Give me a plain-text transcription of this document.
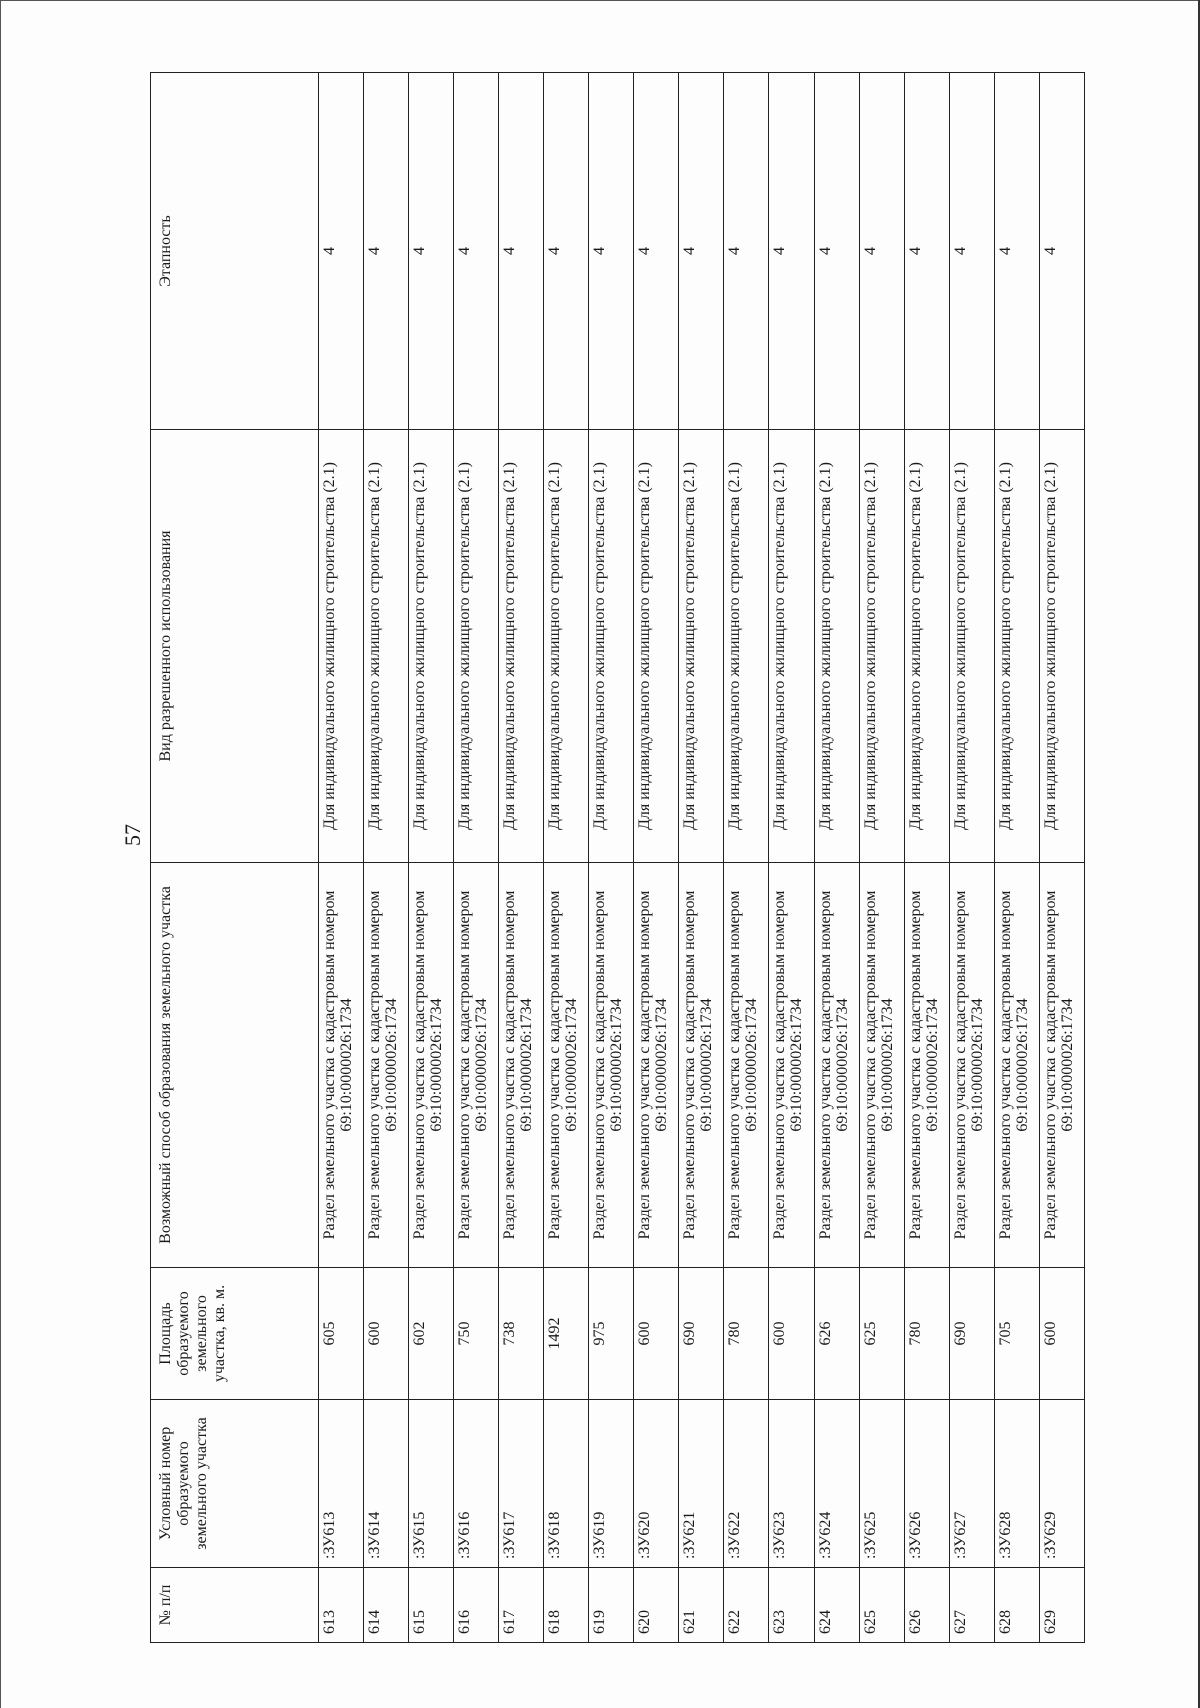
57
№ п/п	Условный номер образуемого земельного участка	Площадь образуемого земельного участка, кв. м.	Возможный способ образования земельного участка	Вид разрешенного использования	Этапность
613	:ЗУ613	605	Раздел земельного участка с кадастровым номером 69:10:0000026:1734	Для индивидуального жилищного строительства (2.1)	4
614	:ЗУ614	600	Раздел земельного участка с кадастровым номером 69:10:0000026:1734	Для индивидуального жилищного строительства (2.1)	4
615	:ЗУ615	602	Раздел земельного участка с кадастровым номером 69:10:0000026:1734	Для индивидуального жилищного строительства (2.1)	4
616	:ЗУ616	750	Раздел земельного участка с кадастровым номером 69:10:0000026:1734	Для индивидуального жилищного строительства (2.1)	4
617	:ЗУ617	738	Раздел земельного участка с кадастровым номером 69:10:0000026:1734	Для индивидуального жилищного строительства (2.1)	4
618	:ЗУ618	1492	Раздел земельного участка с кадастровым номером 69:10:0000026:1734	Для индивидуального жилищного строительства (2.1)	4
619	:ЗУ619	975	Раздел земельного участка с кадастровым номером 69:10:0000026:1734	Для индивидуального жилищного строительства (2.1)	4
620	:ЗУ620	600	Раздел земельного участка с кадастровым номером 69:10:0000026:1734	Для индивидуального жилищного строительства (2.1)	4
621	:ЗУ621	690	Раздел земельного участка с кадастровым номером 69:10:0000026:1734	Для индивидуального жилищного строительства (2.1)	4
622	:ЗУ622	780	Раздел земельного участка с кадастровым номером 69:10:0000026:1734	Для индивидуального жилищного строительства (2.1)	4
623	:ЗУ623	600	Раздел земельного участка с кадастровым номером 69:10:0000026:1734	Для индивидуального жилищного строительства (2.1)	4
624	:ЗУ624	626	Раздел земельного участка с кадастровым номером 69:10:0000026:1734	Для индивидуального жилищного строительства (2.1)	4
625	:ЗУ625	625	Раздел земельного участка с кадастровым номером 69:10:0000026:1734	Для индивидуального жилищного строительства (2.1)	4
626	:ЗУ626	780	Раздел земельного участка с кадастровым номером 69:10:0000026:1734	Для индивидуального жилищного строительства (2.1)	4
627	:ЗУ627	690	Раздел земельного участка с кадастровым номером 69:10:0000026:1734	Для индивидуального жилищного строительства (2.1)	4
628	:ЗУ628	705	Раздел земельного участка с кадастровым номером 69:10:0000026:1734	Для индивидуального жилищного строительства (2.1)	4
629	:ЗУ629	600	Раздел земельного участка с кадастровым номером 69:10:0000026:1734	Для индивидуального жилищного строительства (2.1)	4
